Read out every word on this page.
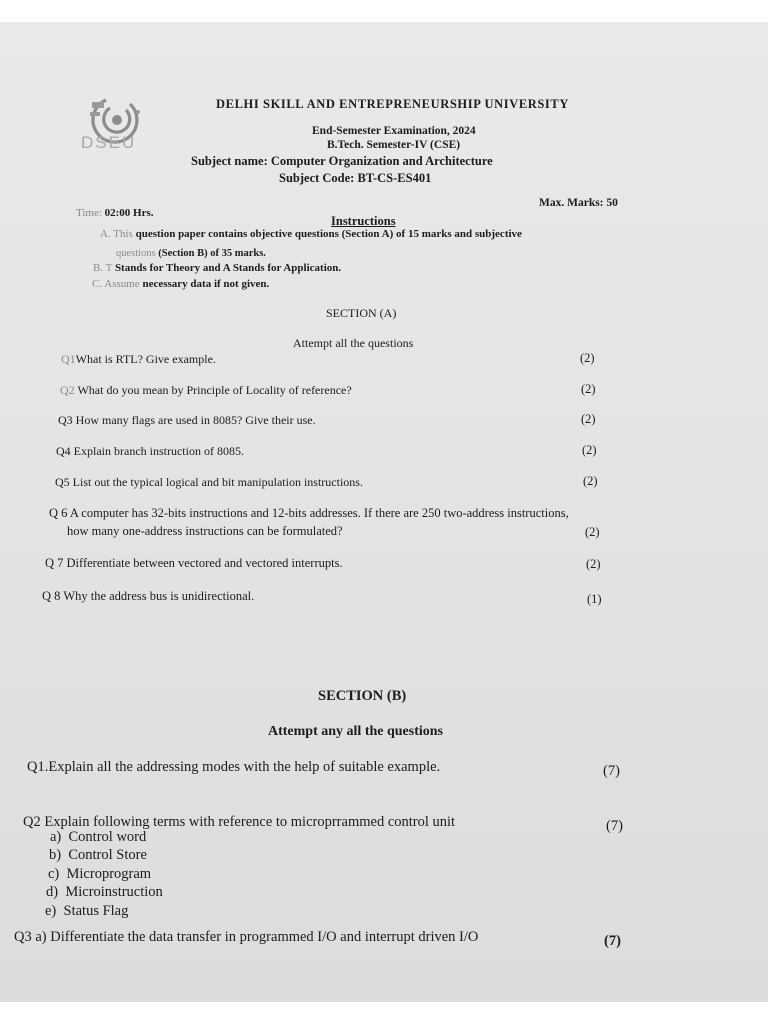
DSEU
DELHI SKILL AND ENTREPRENEURSHIP UNIVERSITY
End-Semester Examination, 2024
B.Tech. Semester-IV (CSE)
Subject name: Computer Organization and Architecture
Subject Code: BT-CS-ES401
Max. Marks: 50
Time: 02:00 Hrs.
Instructions
A. This question paper contains objective questions (Section A) of 15 marks and subjective
questions (Section B) of 35 marks.
B. T Stands for Theory and A Stands for Application.
C. Assume necessary data if not given.
SECTION (A)
Attempt all the questions
Q1What is RTL? Give example.	(2)
Q2 What do you mean by Principle of Locality of reference?	(2)
Q3 How many flags are used in 8085? Give their use.	(2)
Q4 Explain branch instruction of 8085.	(2)
Q5 List out the typical logical and bit manipulation instructions.	(2)
Q 6 A computer has 32-bits instructions and 12-bits addresses. If there are 250 two-address instructions,
how many one-address instructions can be formulated?	(2)
Q 7 Differentiate between vectored and vectored interrupts.	(2)
Q 8 Why the address bus is unidirectional.	(1)
SECTION (B)
Attempt any all the questions
Q1.Explain all the addressing modes with the help of suitable example.	(7)
Q2 Explain following terms with reference to microprrammed control unit	(7)
a) Control word
b) Control Store
c) Microprogram
d) Microinstruction
e) Status Flag
Q3 a) Differentiate the data transfer in programmed I/O and interrupt driven I/O	(7)
